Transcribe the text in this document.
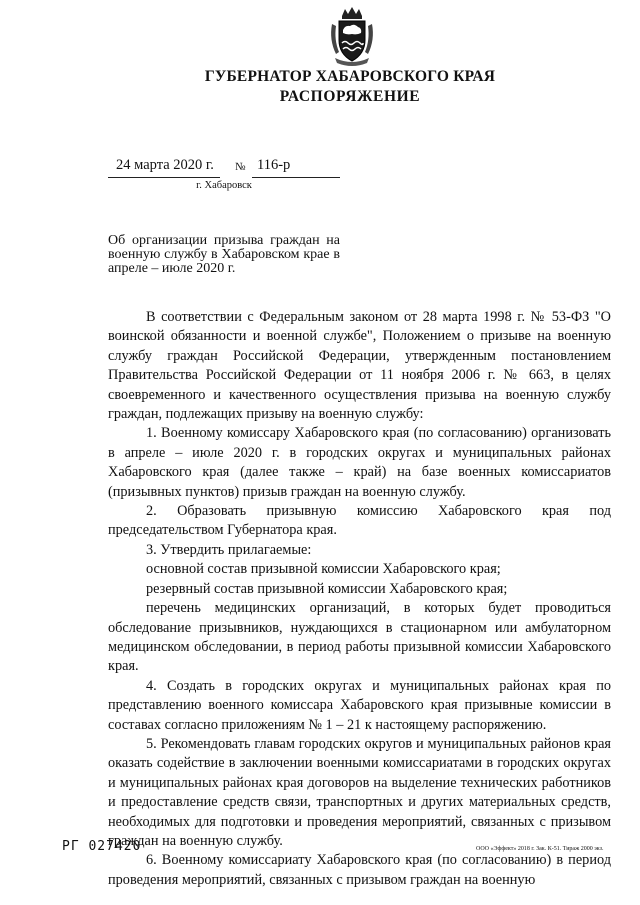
ГУБЕРНАТОР ХАБАРОВСКОГО КРАЯ
РАСПОРЯЖЕНИЕ
24 марта 2020 г. № 116-р
г. Хабаровск
Об организации призыва граждан на военную службу в Хабаровском крае в апреле – июле 2020 г.

В соответствии с Федеральным законом от 28 марта 1998 г. № 53-ФЗ "О воинской обязанности и военной службе", Положением о призыве на военную службу граждан Российской Федерации, утвержденным постановлением Правительства Российской Федерации от 11 ноября 2006 г. № 663, в целях своевременного и качественного осуществления призыва на военную службу граждан, подлежащих призыву на военную службу:

1. Военному комиссару Хабаровского края (по согласованию) организовать в апреле – июле 2020 г. в городских округах и муниципальных районах Хабаровского края (далее также – край) на базе военных комиссариатов (призывных пунктов) призыв граждан на военную службу.

2. Образовать призывную комиссию Хабаровского края под председательством Губернатора края.

3. Утвердить прилагаемые:

основной состав призывной комиссии Хабаровского края;

резервный состав призывной комиссии Хабаровского края;

перечень медицинских организаций, в которых будет проводиться обследование призывников, нуждающихся в стационарном или амбулаторном медицинском обследовании, в период работы призывной комиссии Хабаровского края.

4. Создать в городских округах и муниципальных районах края по представлению военного комиссара Хабаровского края призывные комиссии в составах согласно приложениям № 1 – 21 к настоящему распоряжению.

5. Рекомендовать главам городских округов и муниципальных районов края оказать содействие в заключении военными комиссариатами в городских округах и муниципальных районах края договоров на выделение технических работников и предоставление средств связи, транспортных и других материальных средств, необходимых для подготовки и проведения мероприятий, связанных с призывом граждан на военную службу.

6. Военному комиссариату Хабаровского края (по согласованию) в период проведения мероприятий, связанных с призывом граждан на военную

РГ 027420	ООО «Эффект» 2018 г. Зак. К-51. Тираж 2000 экз.
